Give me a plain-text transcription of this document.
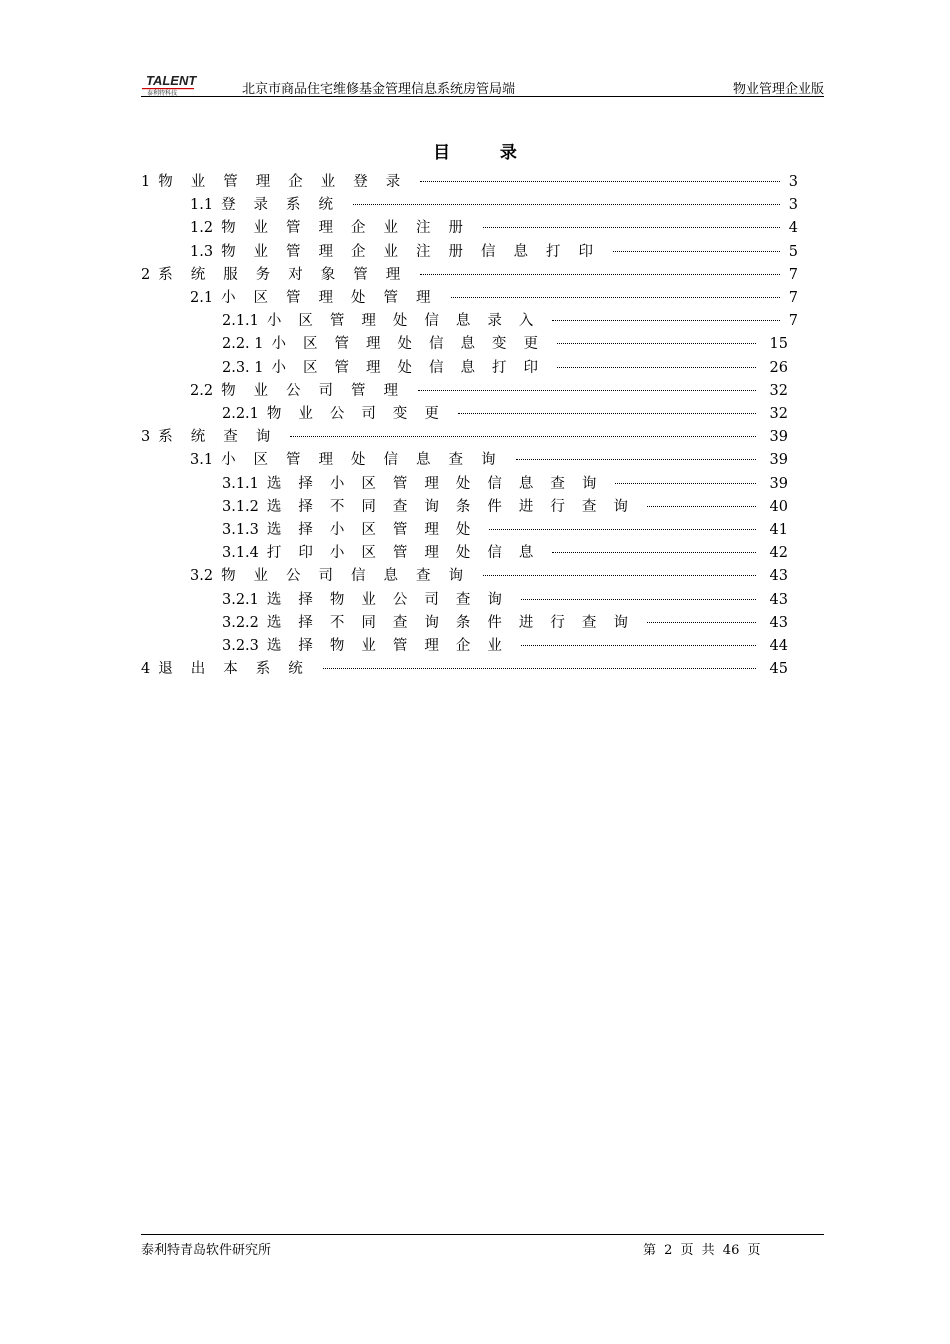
TALENT
泰利特科技	北京市商品住宅维修基金管理信息系统房管局端	物业管理企业版
目	录
1 物业管理企业登录	3
1.1 登录系统	3
1.2 物业管理企业注册	4
1.3 物业管理企业注册信息打印	5
2 系统服务对象管理	7
2.1 小区管理处管理	7
2.1.1 小区管理处信息录入	7
2.2. 1 小区管理处信息变更	15
2.3. 1 小区管理处信息打印	26
2.2 物业公司管理	32
2.2.1 物业公司变更	32
3 系统查询	39
3.1 小区管理处信息查询	39
3.1.1 选择小区管理处信息查询	39
3.1.2 选择不同查询条件进行查询	40
3.1.3 选择小区管理处	41
3.1.4 打印小区管理处信息	42
3.2 物业公司信息查询	43
3.2.1 选择物业公司查询	43
3.2.2 选择不同查询条件进行查询	43
3.2.3 选择物业管理企业	44
4 退出本系统	45
泰利特青岛软件研究所	第 2 页 共 46 页
